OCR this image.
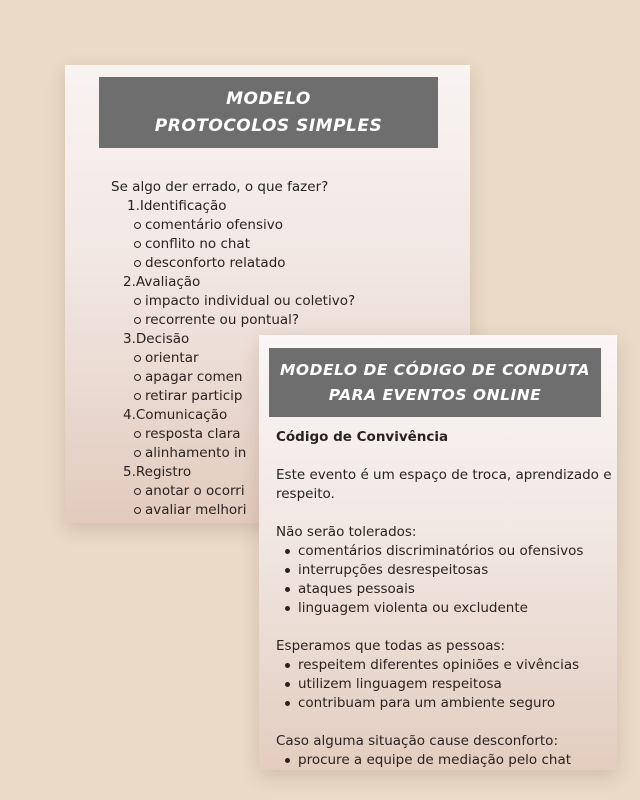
MODELO
PROTOCOLOS SIMPLES
Se algo der errado, o que fazer?
1.Identificação
comentário ofensivo
conflito no chat
desconforto relatado
2.Avaliação
impacto individual ou coletivo?
recorrente ou pontual?
3.Decisão
orientar
apagar comen
retirar particip
4.Comunicação
resposta clara
alinhamento in
5.Registro
anotar o ocorri
avaliar melhori
MODELO DE CÓDIGO DE CONDUTA
PARA EVENTOS ONLINE
Código de Convivência
Este evento é um espaço de troca, aprendizado e
respeito.
Não serão tolerados:
comentários discriminatórios ou ofensivos
interrupções desrespeitosas
ataques pessoais
linguagem violenta ou excludente
Esperamos que todas as pessoas:
respeitem diferentes opiniões e vivências
utilizem linguagem respeitosa
contribuam para um ambiente seguro
Caso alguma situação cause desconforto:
procure a equipe de mediação pelo chat
